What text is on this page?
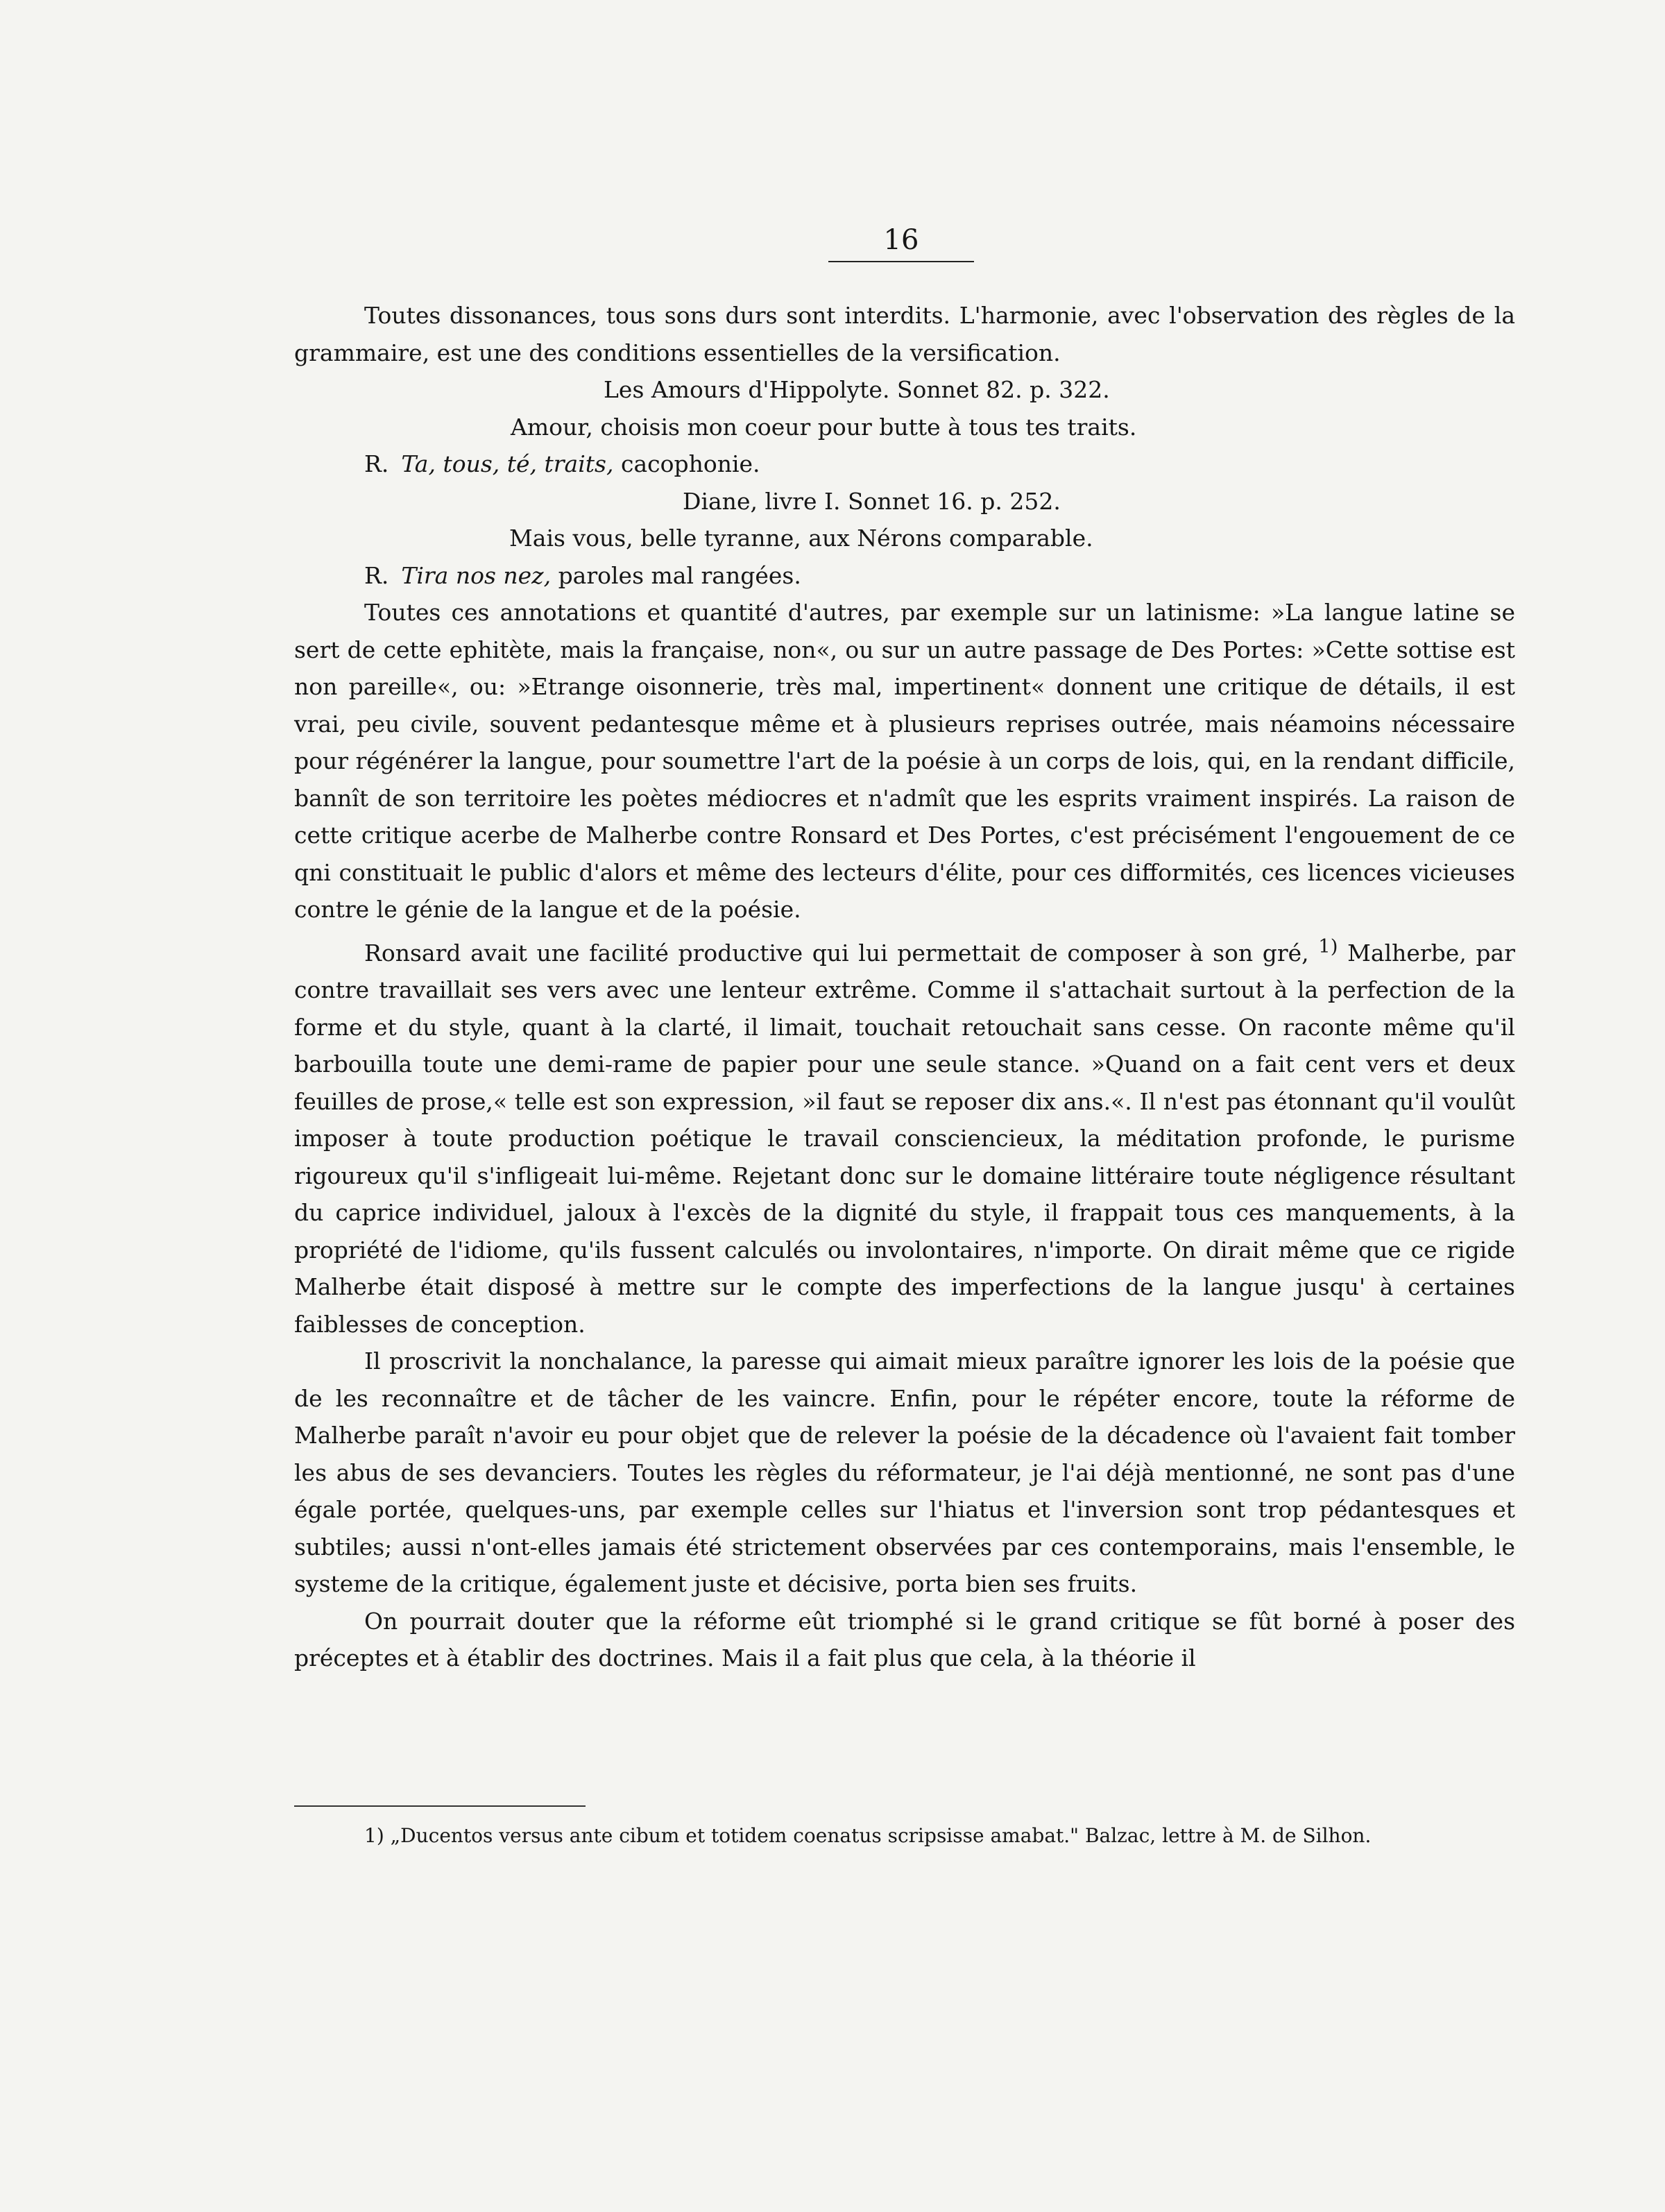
16

Toutes dissonances, tous sons durs sont interdits. L'harmonie, avec l'observation des règles de la grammaire, est une des conditions essentielles de la versification.

Les Amours d'Hippolyte. Sonnet 82. p. 322.

Amour, choisis mon coeur pour butte à tous tes traits.

R. Ta, tous, té, traits, cacophonie.

Diane, livre I. Sonnet 16. p. 252.

Mais vous, belle tyranne, aux Nérons comparable.

R. Tira nos nez, paroles mal rangées.

Toutes ces annotations et quantité d'autres, par exemple sur un latinisme: »La langue latine se sert de cette ephitète, mais la française, non«, ou sur un autre passage de Des Portes: »Cette sottise est non pareille«, ou: »Etrange oisonnerie, très mal, impertinent« donnent une critique de détails, il est vrai, peu civile, souvent pedantesque même et à plusieurs reprises outrée, mais néamoins nécessaire pour régénérer la langue, pour soumettre l'art de la poésie à un corps de lois, qui, en la rendant difficile, bannît de son territoire les poètes médiocres et n'admît que les esprits vraiment inspirés. La raison de cette critique acerbe de Malherbe contre Ronsard et Des Portes, c'est précisément l'engouement de ce qni constituait le public d'alors et même des lecteurs d'élite, pour ces difformités, ces licences vicieuses contre le génie de la langue et de la poésie.

Ronsard avait une facilité productive qui lui permettait de composer à son gré, $^{1)}$ Malherbe, par contre travaillait ses vers avec une lenteur extrême. Comme il s'attachait surtout à la perfection de la forme et du style, quant à la clarté, il limait, touchait retouchait sans cesse. On raconte même qu'il barbouilla toute une demi-rame de papier pour une seule stance. »Quand on a fait cent vers et deux feuilles de prose,« telle est son expression, »il faut se reposer dix ans.«. Il n'est pas étonnant qu'il voulût imposer à toute production poétique le travail consciencieux, la méditation profonde, le purisme rigoureux qu'il s'infligeait lui-même. Rejetant donc sur le domaine littéraire toute négligence résultant du caprice individuel, jaloux à l'excès de la dignité du style, il frappait tous ces manquements, à la propriété de l'idiome, qu'ils fussent calculés ou involontaires, n'importe. On dirait même que ce rigide Malherbe était disposé à mettre sur le compte des imperfections de la langue jusqu' à certaines faiblesses de conception.

Il proscrivit la nonchalance, la paresse qui aimait mieux paraître ignorer les lois de la poésie que de les reconnaître et de tâcher de les vaincre. Enfin, pour le répéter encore, toute la réforme de Malherbe paraît n'avoir eu pour objet que de relever la poésie de la décadence où l'avaient fait tomber les abus de ses devanciers. Toutes les règles du réformateur, je l'ai déjà mentionné, ne sont pas d'une égale portée, quelques-uns, par exemple celles sur l'hiatus et l'inversion sont trop pédantesques et subtiles; aussi n'ont-elles jamais été strictement observées par ces contemporains, mais l'ensemble, le systeme de la critique, également juste et décisive, porta bien ses fruits.

On pourrait douter que la réforme eût triomphé si le grand critique se fût borné à poser des préceptes et à établir des doctrines. Mais il a fait plus que cela, à la théorie il

1) „Ducentos versus ante cibum et totidem coenatus scripsisse amabat." Balzac, lettre à M. de Silhon.
